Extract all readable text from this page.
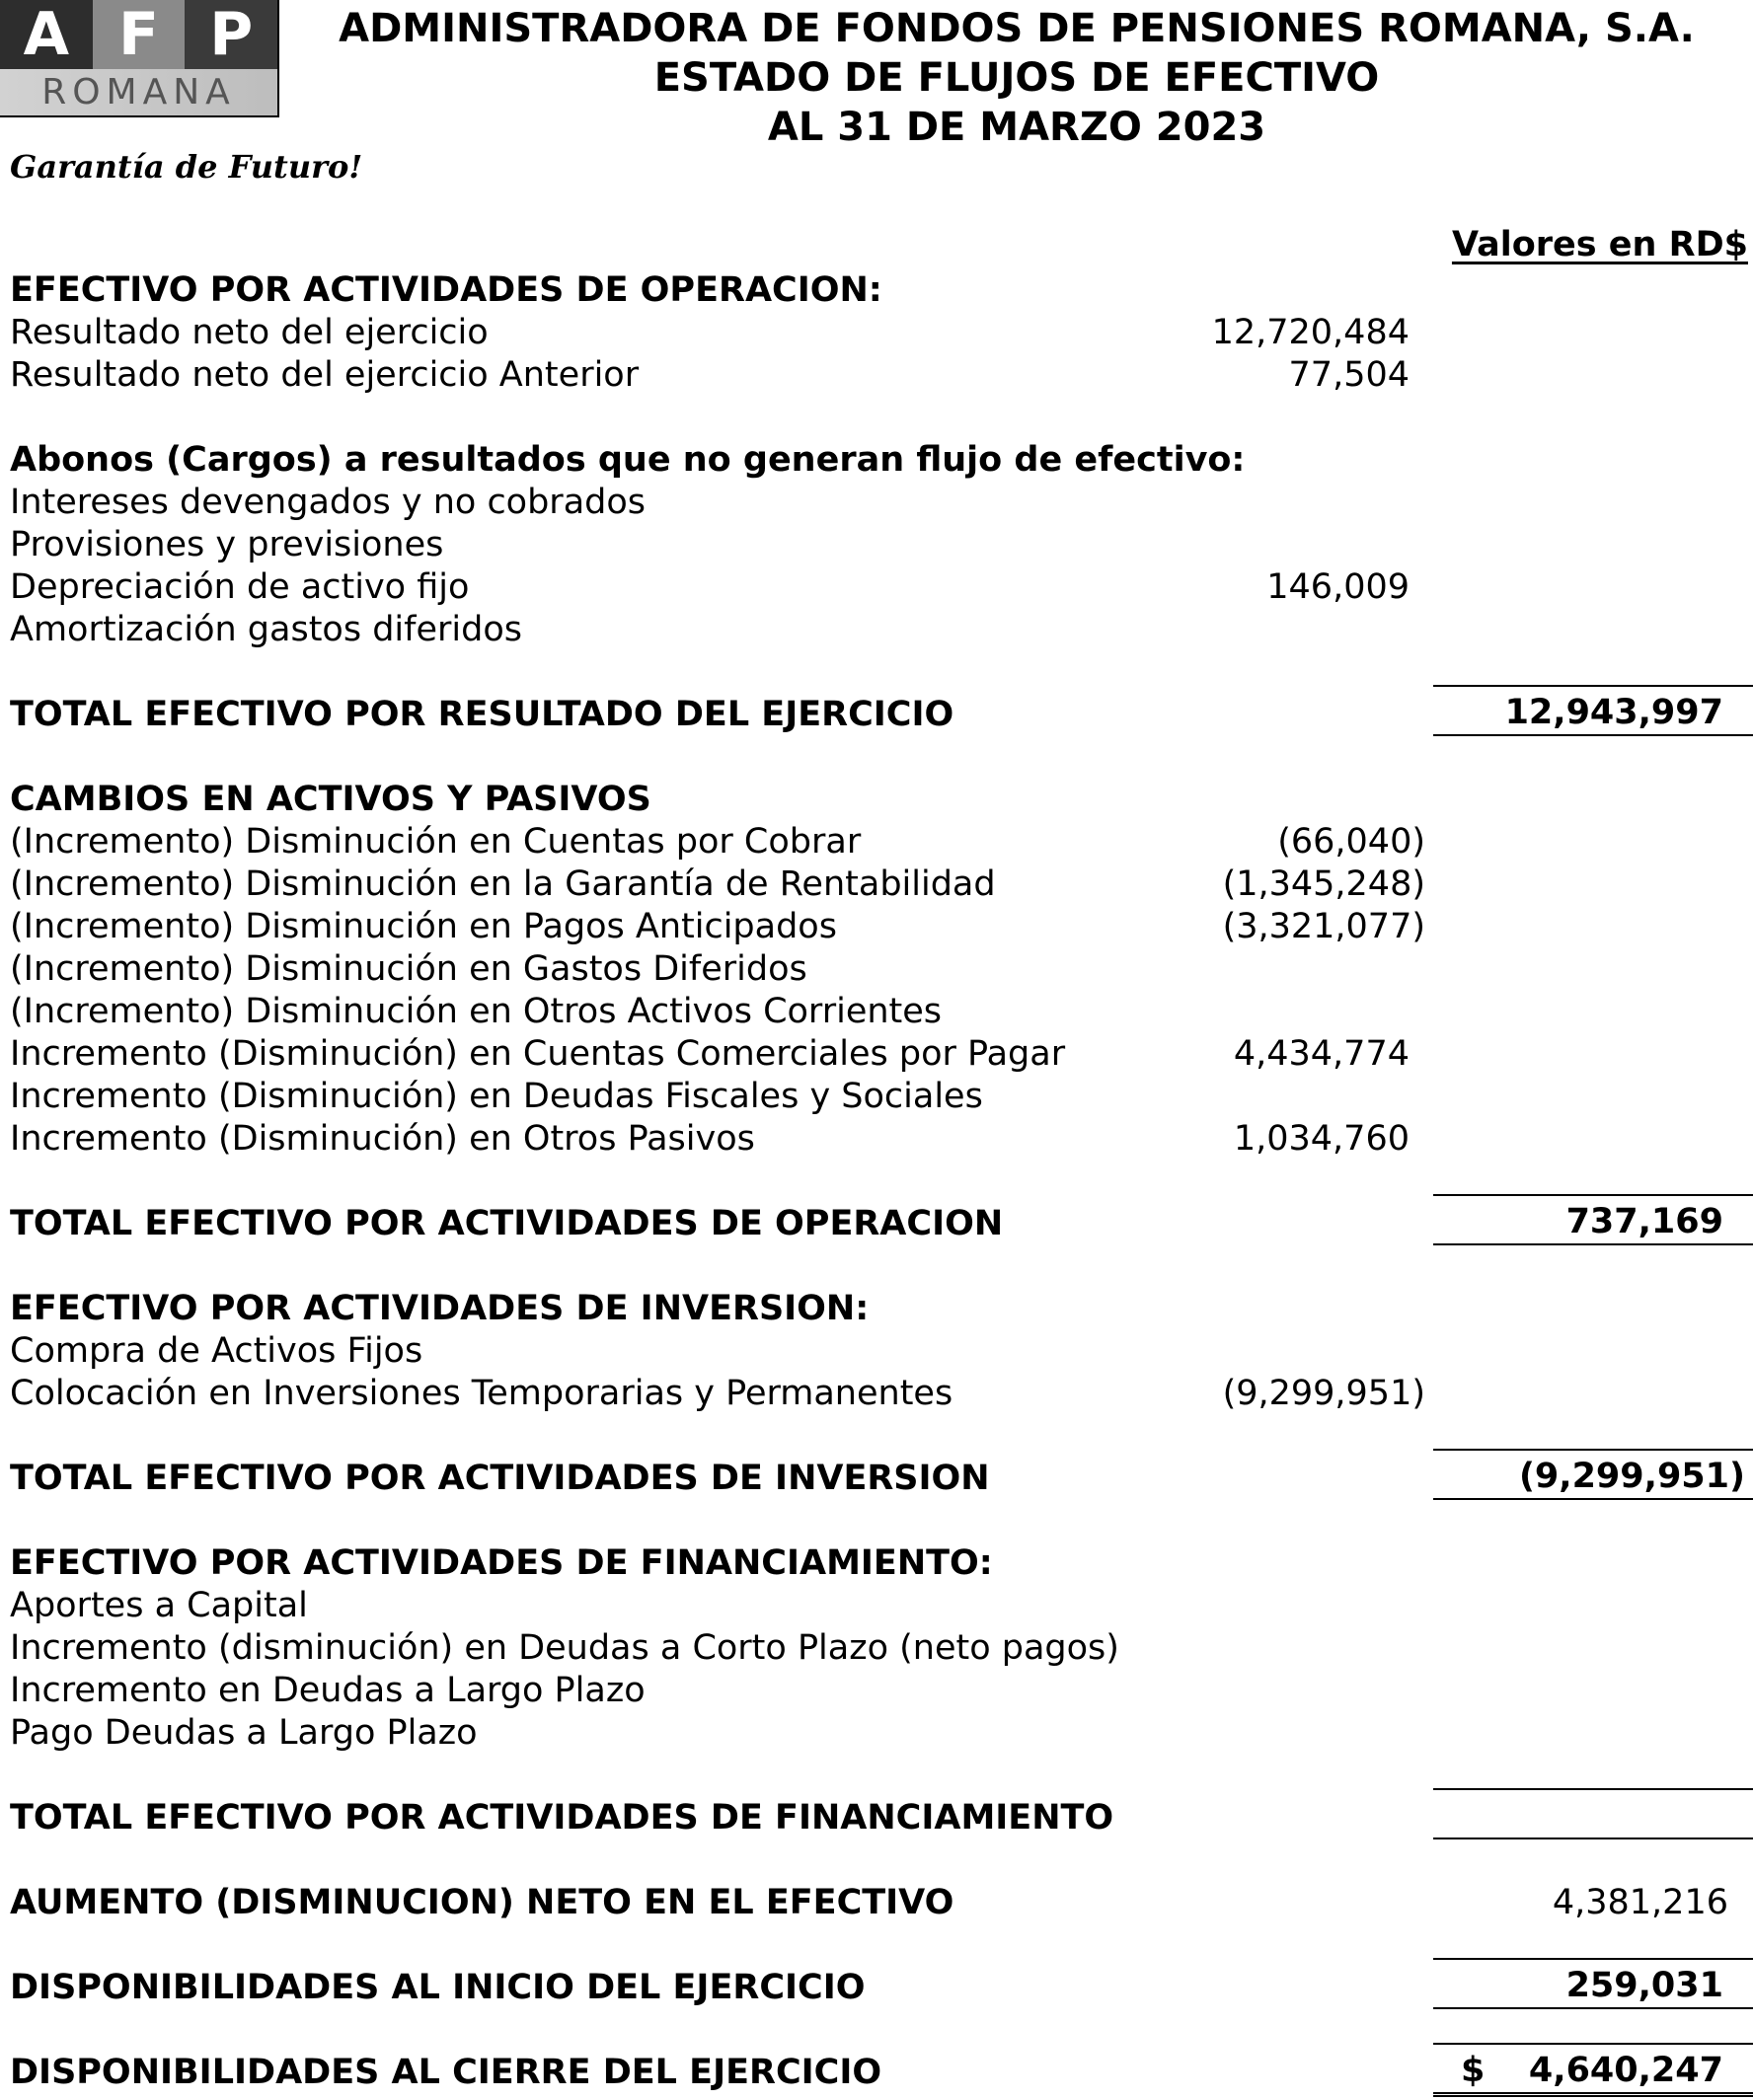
A F P
ROMANA
Garantía de Futuro!
ADMINISTRADORA DE FONDOS DE PENSIONES ROMANA, S.A.
ESTADO DE FLUJOS DE EFECTIVO
AL 31 DE MARZO 2023
Valores en RD$
EFECTIVO POR ACTIVIDADES DE OPERACION:
Resultado neto del ejercicio	12,720,484
Resultado neto del ejercicio Anterior	77,504
Abonos (Cargos) a resultados que no generan flujo de efectivo:
Intereses devengados y no cobrados
Provisiones y previsiones
Depreciación de activo fijo	146,009
Amortización gastos diferidos
TOTAL EFECTIVO POR RESULTADO DEL EJERCICIO	12,943,997
CAMBIOS EN ACTIVOS Y PASIVOS
(Incremento) Disminución en Cuentas por Cobrar	(66,040)
(Incremento) Disminución en la Garantía de Rentabilidad	(1,345,248)
(Incremento) Disminución en Pagos Anticipados	(3,321,077)
(Incremento) Disminución en Gastos Diferidos
(Incremento) Disminución en Otros Activos Corrientes
Incremento (Disminución) en Cuentas Comerciales por Pagar	4,434,774
Incremento (Disminución) en Deudas Fiscales y Sociales
Incremento (Disminución) en Otros Pasivos	1,034,760
TOTAL EFECTIVO POR ACTIVIDADES DE OPERACION	737,169
EFECTIVO POR ACTIVIDADES DE INVERSION:
Compra de Activos Fijos
Colocación en Inversiones Temporarias y Permanentes	(9,299,951)
TOTAL EFECTIVO POR ACTIVIDADES DE INVERSION	(9,299,951)
EFECTIVO POR ACTIVIDADES DE FINANCIAMIENTO:
Aportes a Capital
Incremento (disminución) en Deudas a Corto Plazo (neto pagos)
Incremento en Deudas a Largo Plazo
Pago Deudas a Largo Plazo
TOTAL EFECTIVO POR ACTIVIDADES DE FINANCIAMIENTO
AUMENTO (DISMINUCION) NETO EN EL EFECTIVO	4,381,216
DISPONIBILIDADES AL INICIO DEL EJERCICIO	259,031
DISPONIBILIDADES AL CIERRE DEL EJERCICIO	$ 4,640,247
